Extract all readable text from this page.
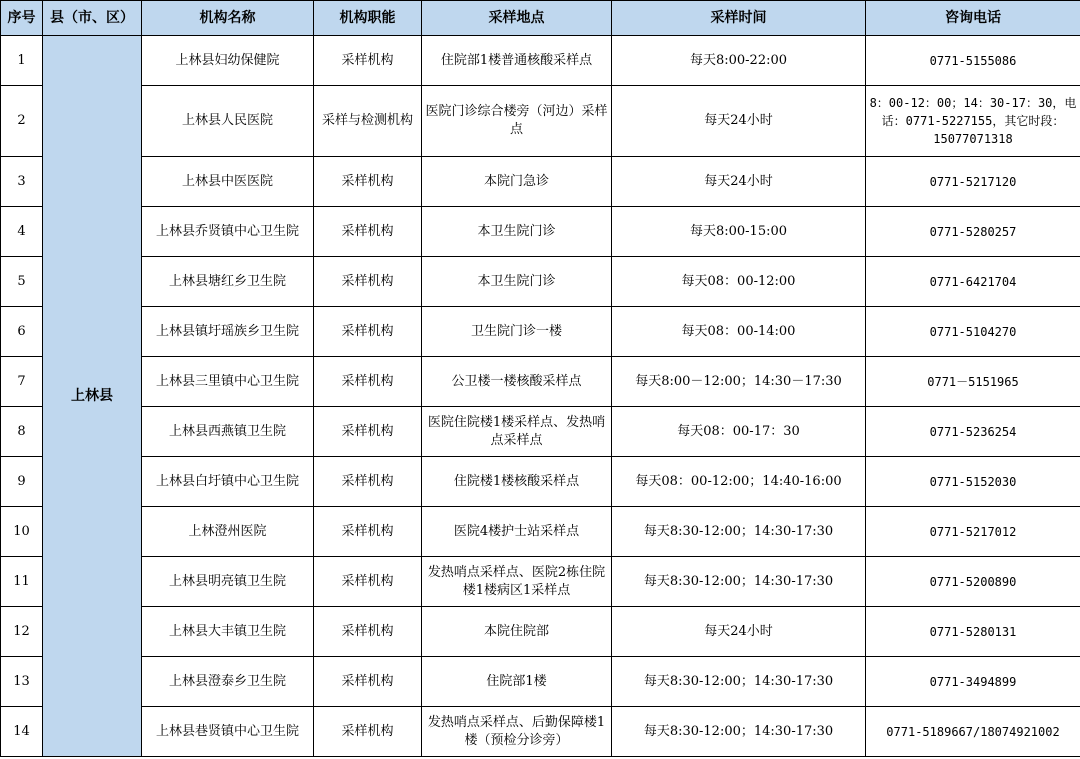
序号	县（市、区）	机构名称	机构职能	采样地点	采样时间	咨询电话
1	上林县	上林县妇幼保健院	采样机构	住院部1楼普通核酸采样点	每天8:00-22:00	0771-5155086
2		上林县人民医院	采样与检测机构	医院门诊综合楼旁（河边）采样点	每天24小时	8：00-12：00；14：30-17：30，电话：0771-5227155，其它时段：15077071318
3		上林县中医医院	采样机构	本院门急诊	每天24小时	0771-5217120
4		上林县乔贤镇中心卫生院	采样机构	本卫生院门诊	每天8:00-15:00	0771-5280257
5		上林县塘红乡卫生院	采样机构	本卫生院门诊	每天08：00-12:00	0771-6421704
6		上林县镇圩瑶族乡卫生院	采样机构	卫生院门诊一楼	每天08：00-14:00	0771-5104270
7		上林县三里镇中心卫生院	采样机构	公卫楼一楼核酸采样点	每天8:00－12:00；14:30－17:30	0771－5151965
8		上林县西燕镇卫生院	采样机构	医院住院楼1楼采样点、发热哨点采样点	每天08：00-17：30	0771-5236254
9		上林县白圩镇中心卫生院	采样机构	住院楼1楼核酸采样点	每天08：00-12:00；14:40-16:00	0771-5152030
10		上林澄州医院	采样机构	医院4楼护士站采样点	每天8:30-12:00；14:30-17:30	0771-5217012
11		上林县明亮镇卫生院	采样机构	发热哨点采样点、医院2栋住院楼1楼病区1采样点	每天8:30-12:00；14:30-17:30	0771-5200890
12		上林县大丰镇卫生院	采样机构	本院住院部	每天24小时	0771-5280131
13		上林县澄泰乡卫生院	采样机构	住院部1楼	每天8:30-12:00；14:30-17:30	0771-3494899
14		上林县巷贤镇中心卫生院	采样机构	发热哨点采样点、后勤保障楼1楼（预检分诊旁）	每天8:30-12:00；14:30-17:30	0771-5189667/18074921002
